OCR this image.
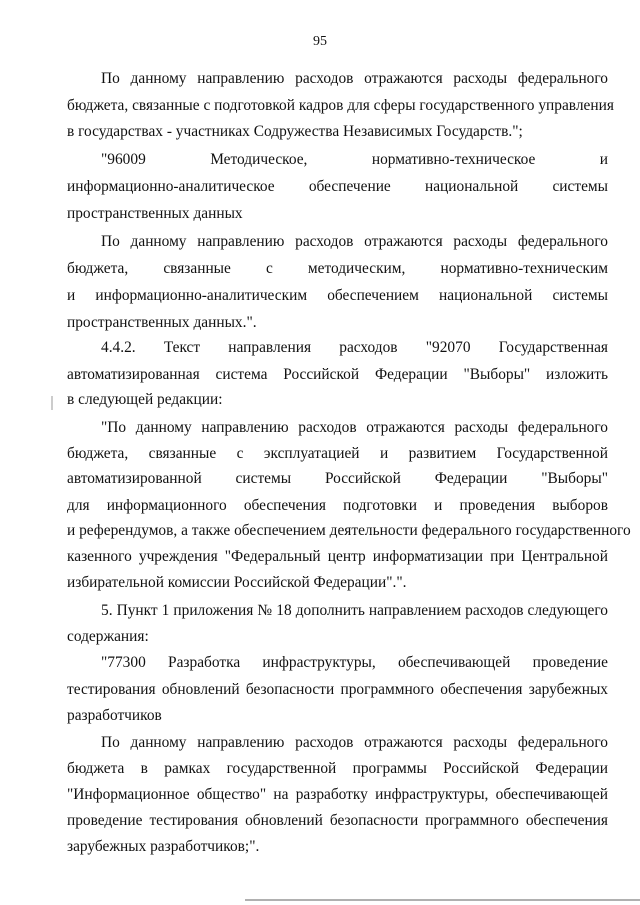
95
По данному направлению расходов отражаются расходы федерального
бюджета, связанные с подготовкой кадров для сферы государственного управления
в государствах - участниках Содружества Независимых Государств.";
"96009 Методическое, нормативно-техническое и
информационно-аналитическое обеспечение национальной системы
пространственных данных
По данному направлению расходов отражаются расходы федерального
бюджета, связанные с методическим, нормативно-техническим
и информационно-аналитическим обеспечением национальной системы
пространственных данных.".
4.4.2. Текст направления расходов "92070 Государственная
автоматизированная система Российской Федерации "Выборы" изложить
в следующей редакции:
"По данному направлению расходов отражаются расходы федерального
бюджета, связанные с эксплуатацией и развитием Государственной
автоматизированной системы Российской Федерации "Выборы"
для информационного обеспечения подготовки и проведения выборов
и референдумов, а также обеспечением деятельности федерального государственного
казенного учреждения "Федеральный центр информатизации при Центральной
избирательной комиссии Российской Федерации".".
5. Пункт 1 приложения № 18 дополнить направлением расходов следующего
содержания:
"77300 Разработка инфраструктуры, обеспечивающей проведение
тестирования обновлений безопасности программного обеспечения зарубежных
разработчиков
По данному направлению расходов отражаются расходы федерального
бюджета в рамках государственной программы Российской Федерации
"Информационное общество" на разработку инфраструктуры, обеспечивающей
проведение тестирования обновлений безопасности программного обеспечения
зарубежных разработчиков;".
